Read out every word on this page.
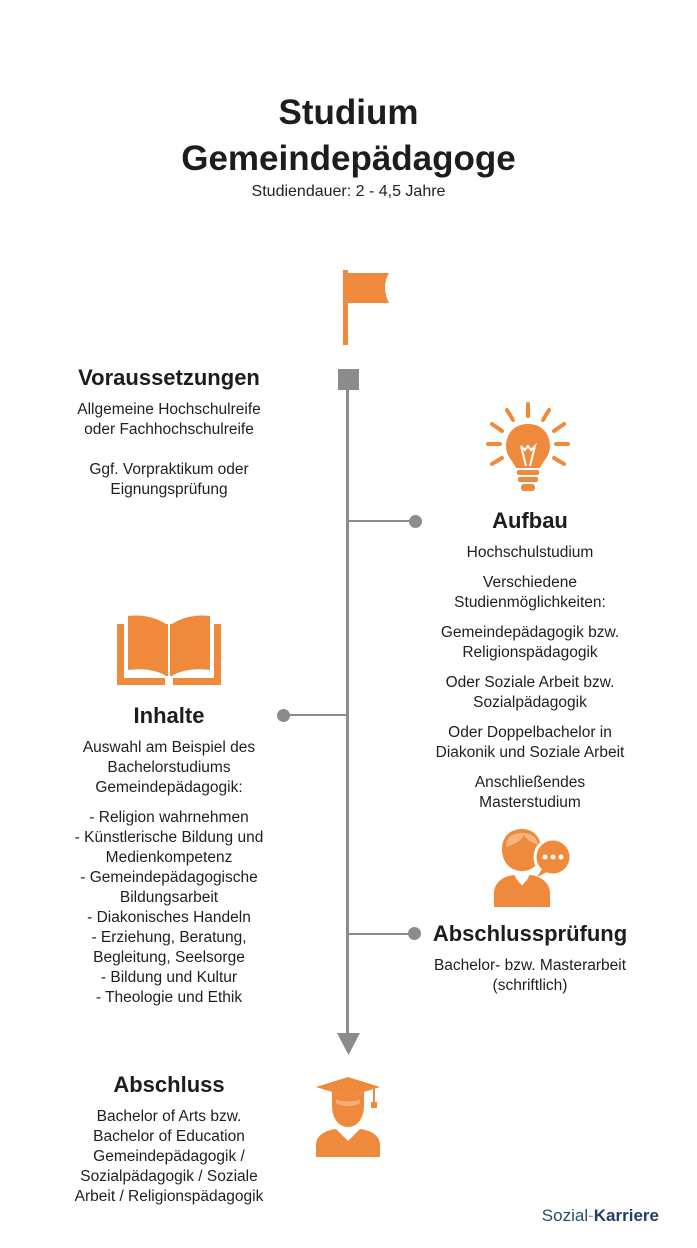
Studium
Gemeindepädagoge
Studiendauer: 2 - 4,5 Jahre
Voraussetzungen

Allgemeine Hochschulreife

oder Fachhochschulreife

Ggf. Vorpraktikum oder

Eignungsprüfung

Aufbau

Hochschulstudium

Verschiedene

Studienmöglichkeiten:

Gemeindepädagogik bzw.

Religionspädagogik

Oder Soziale Arbeit bzw.

Sozialpädagogik

Oder Doppelbachelor in

Diakonik und Soziale Arbeit

Anschließendes

Masterstudium

Inhalte

Auswahl am Beispiel des

Bachelorstudiums

Gemeindepädagogik:

- Religion wahrnehmen

- Künstlerische Bildung und

Medienkompetenz

- Gemeindepädagogische

Bildungsarbeit

- Diakonisches Handeln

- Erziehung, Beratung,

Begleitung, Seelsorge

- Bildung und Kultur

- Theologie und Ethik

Abschlussprüfung

Bachelor- bzw. Masterarbeit

(schriftlich)

Abschluss

Bachelor of Arts bzw.

Bachelor of Education

Gemeindepädagogik /

Sozialpädagogik / Soziale

Arbeit / Religionspädagogik

Sozial-Karriere
